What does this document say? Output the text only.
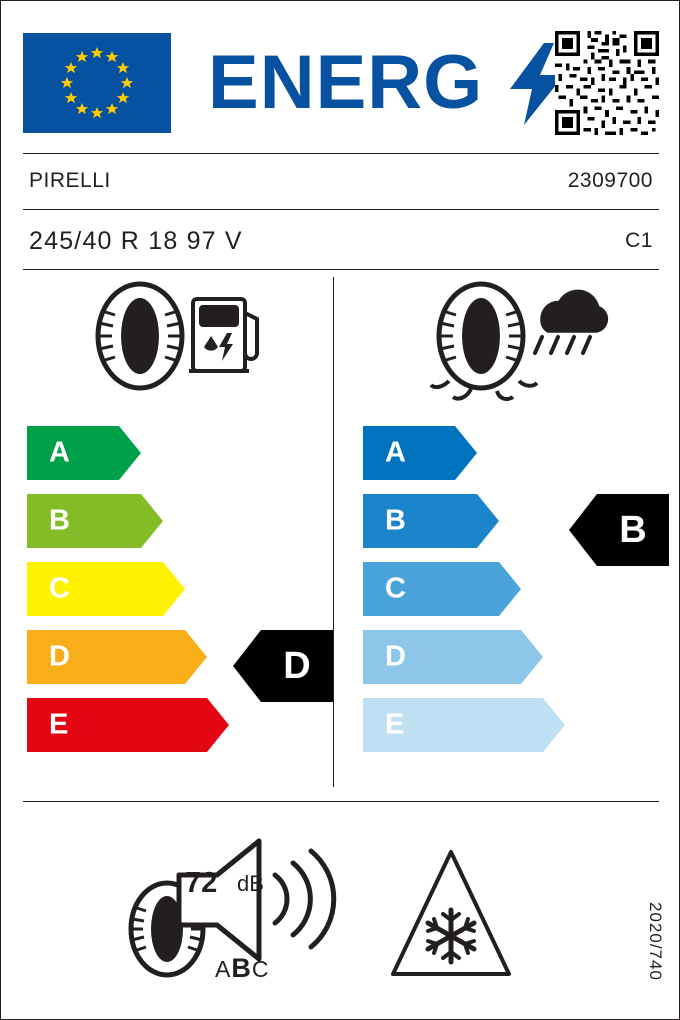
ENERG
PIRELLI	2309700
245/40 R 18 97 V	C1
A
B
C
D
E
A
B
C
D
E
D
B
72 dB
ABC	2020/740
